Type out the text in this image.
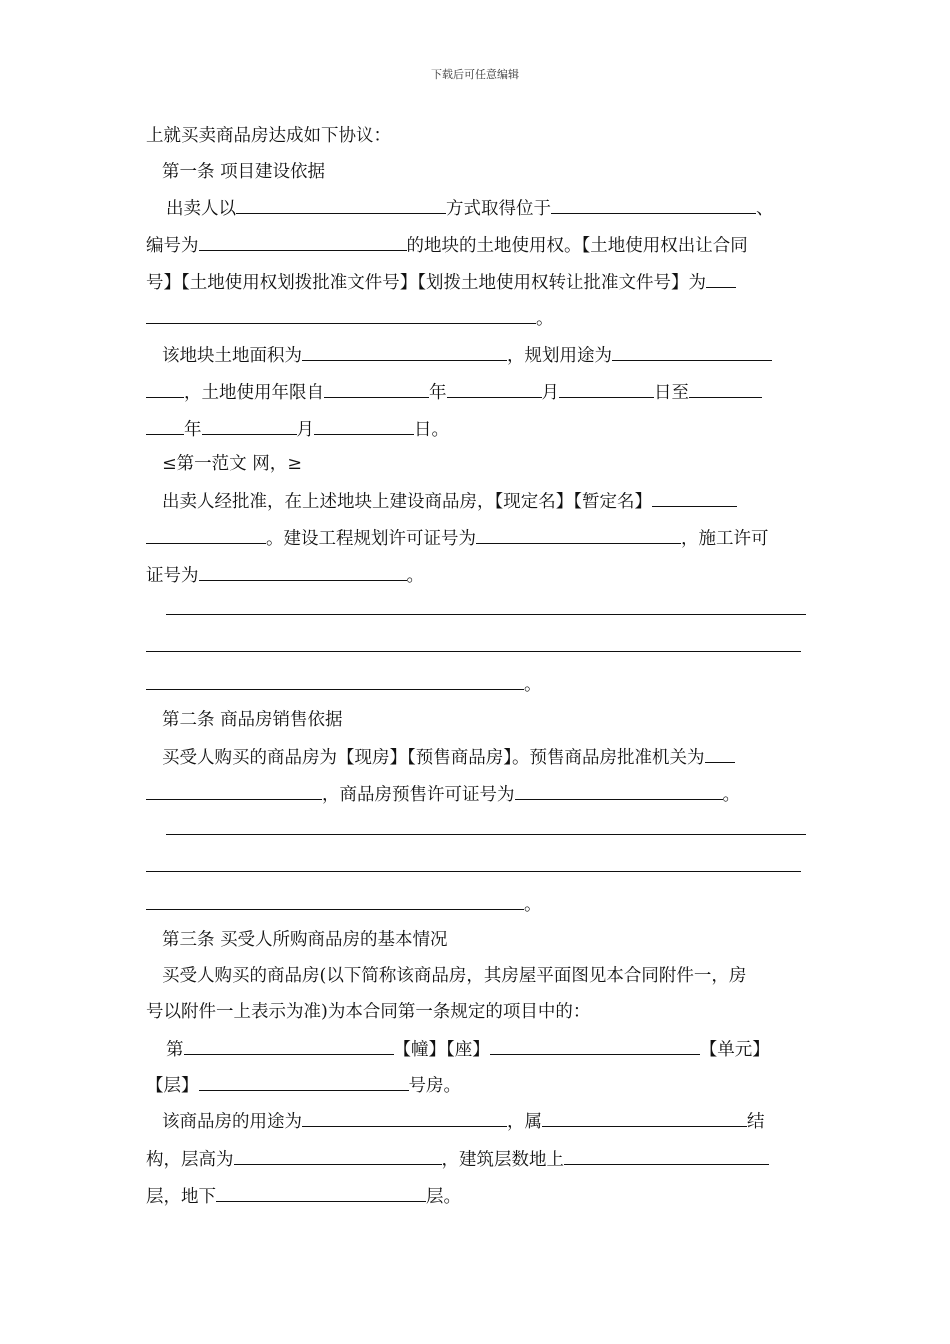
下载后可任意编辑
上就买卖商品房达成如下协议：
第一条 项目建设依据
出卖人以	方式取得位于	、
编号为	的地块的土地使用权。【土地使用权出让合同
号】【土地使用权划拨批准文件号】【划拨土地使用权转让批准文件号】为
。
该地块土地面积为	，规划用途为
，土地使用年限自	年	月	日至
年	月	日。
≤第一范文 网，≥
出卖人经批准，在上述地块上建设商品房，【现定名】【暂定名】
。建设工程规划许可证号为	，施工许可
证号为	。
。
第二条 商品房销售依据
买受人购买的商品房为【现房】【预售商品房】。预售商品房批准机关为
，商品房预售许可证号为	。
。
第三条 买受人所购商品房的基本情况
买受人购买的商品房(以下简称该商品房，其房屋平面图见本合同附件一，房
号以附件一上表示为准)为本合同第一条规定的项目中的：
第	【幢】【座】	【单元】
【层】	号房。
该商品房的用途为	，属	结
构，层高为	，建筑层数地上
层，地下	层。
